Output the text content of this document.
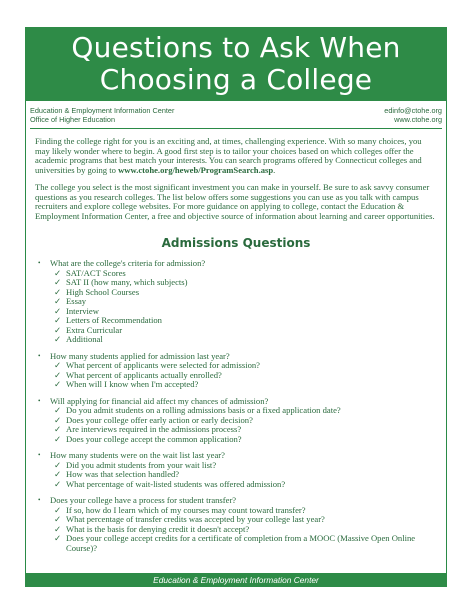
Questions to Ask When
Choosing a College
Education & Employment Information Center
Office of Higher Education
edinfo@ctohe.org
www.ctohe.org

Finding the college right for you is an exciting and, at times, challenging experience. With so many choices, you may likely wonder where to begin. A good first step is to tailor your choices based on which colleges offer the academic programs that best match your interests. You can search programs offered by Connecticut colleges and universities by going to www.ctohe.org/heweb/ProgramSearch.asp.

The college you select is the most significant investment you can make in yourself. Be sure to ask savvy consumer questions as you research colleges. The list below offers some suggestions you can use as you talk with campus recruiters and explore college websites. For more guidance on applying to college, contact the Education & Employment Information Center, a free and objective source of information about learning and career opportunities.

Admissions Questions
• What are the college's criteria for admission?
✓ SAT/ACT Scores
✓ SAT II (how many, which subjects)
✓ High School Courses
✓ Essay
✓ Interview
✓ Letters of Recommendation
✓ Extra Curricular
✓ Additional
• How many students applied for admission last year?
✓ What percent of applicants were selected for admission?
✓ What percent of applicants actually enrolled?
✓ When will I know when I'm accepted?
• Will applying for financial aid affect my chances of admission?
✓ Do you admit students on a rolling admissions basis or a fixed application date?
✓ Does your college offer early action or early decision?
✓ Are interviews required in the admissions process?
✓ Does your college accept the common application?
• How many students were on the wait list last year?
✓ Did you admit students from your wait list?
✓ How was that selection handled?
✓ What percentage of wait-listed students was offered admission?
• Does your college have a process for student transfer?
✓ If so, how do I learn which of my courses may count toward transfer?
✓ What percentage of transfer credits was accepted by your college last year?
✓ What is the basis for denying credit it doesn't accept?
✓ Does your college accept credits for a certificate of completion from a MOOC (Massive Open Online Course)?
Education & Employment Information Center
